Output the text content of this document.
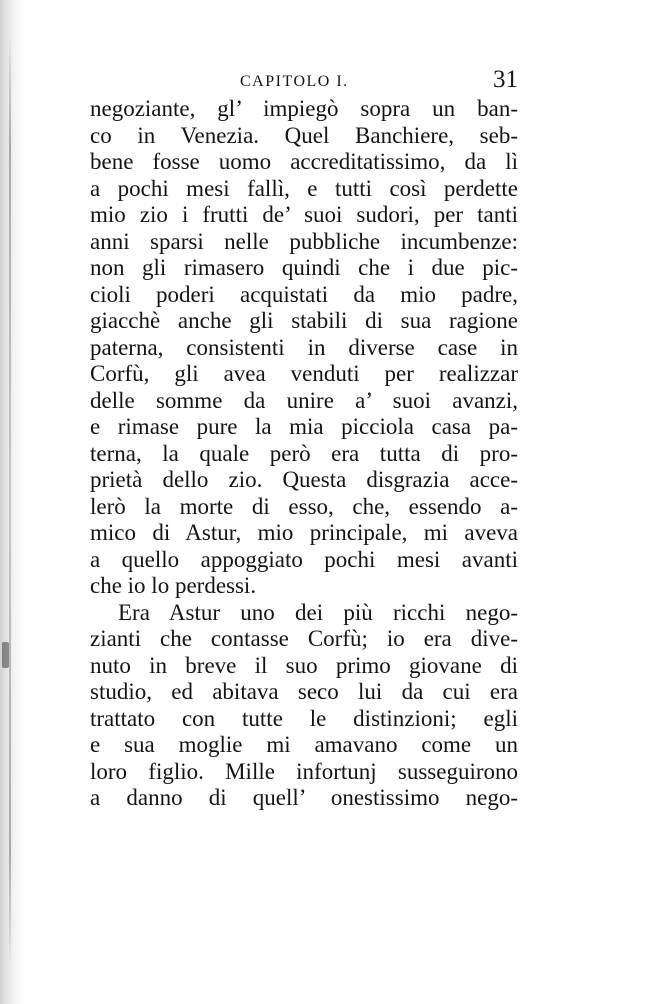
CAPITOLO I.	31
negoziante, gl’ impiegò sopra un ban-
co in Venezia. Quel Banchiere, seb-
bene fosse uomo accreditatissimo, da lì
a pochi mesi fallì, e tutti così perdette
mio zio i frutti de’ suoi sudori, per tanti
anni sparsi nelle pubbliche incumbenze:
non gli rimasero quindi che i due pic-
cioli poderi acquistati da mio padre,
giacchè anche gli stabili di sua ragione
paterna, consistenti in diverse case in
Corfù, gli avea venduti per realizzar
delle somme da unire a’ suoi avanzi,
e rimase pure la mia picciola casa pa-
terna, la quale però era tutta di pro-
prietà dello zio. Questa disgrazia acce-
lerò la morte di esso, che, essendo a-
mico di Astur, mio principale, mi aveva
a quello appoggiato pochi mesi avanti
che io lo perdessi.
Era Astur uno dei più ricchi nego-
zianti che contasse Corfù; io era dive-
nuto in breve il suo primo giovane di
studio, ed abitava seco lui da cui era
trattato con tutte le distinzioni; egli
e sua moglie mi amavano come un
loro figlio. Mille infortunj susseguirono
a danno di quell’ onestissimo nego-
